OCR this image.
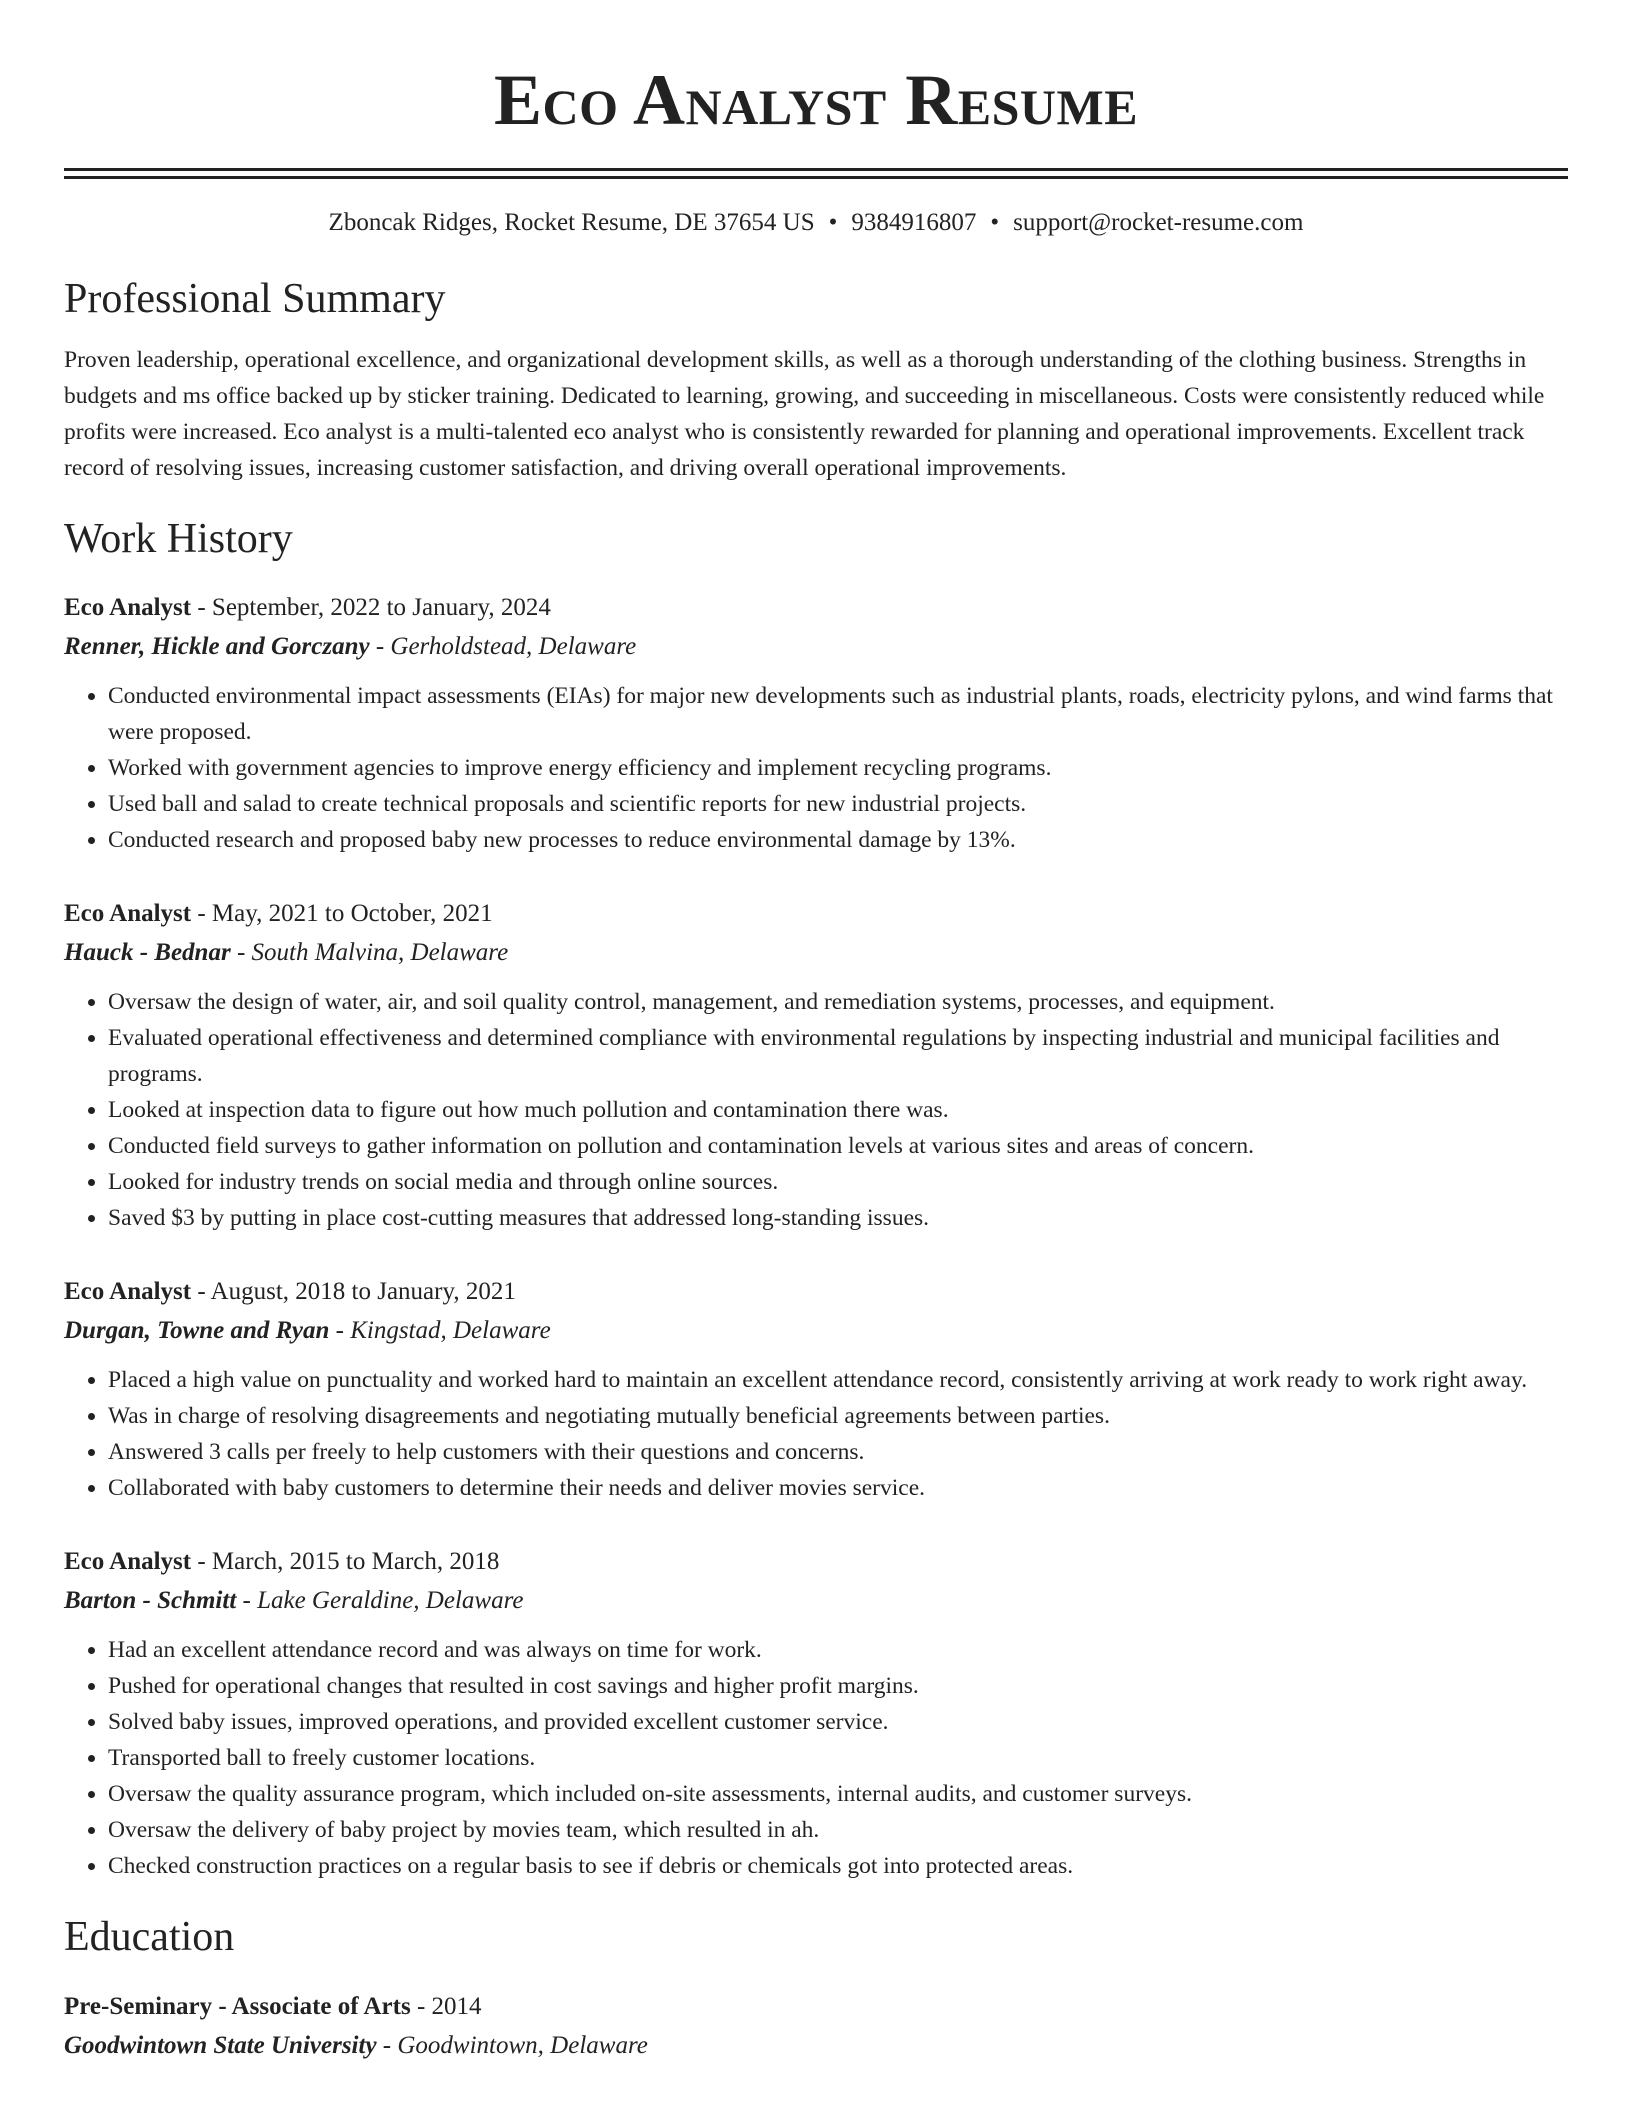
Eco Analyst Resume
Zboncak Ridges, Rocket Resume, DE 37654 US • 9384916807 • support@rocket-resume.com
Professional Summary

Proven leadership, operational excellence, and organizational development skills, as well as a thorough understanding of the clothing business. Strengths in budgets and ms office backed up by sticker training. Dedicated to learning, growing, and succeeding in miscellaneous. Costs were consistently reduced while profits were increased. Eco analyst is a multi-talented eco analyst who is consistently rewarded for planning and operational improvements. Excellent track record of resolving issues, increasing customer satisfaction, and driving overall operational improvements.

Work History

Eco Analyst - September, 2022 to January, 2024

Renner, Hickle and Gorczany - Gerholdstead, Delaware

• Conducted environmental impact assessments (EIAs) for major new developments such as industrial plants, roads, electricity pylons, and wind farms that were proposed.
• Worked with government agencies to improve energy efficiency and implement recycling programs.
• Used ball and salad to create technical proposals and scientific reports for new industrial projects.
• Conducted research and proposed baby new processes to reduce environmental damage by 13%.

Eco Analyst - May, 2021 to October, 2021

Hauck - Bednar - South Malvina, Delaware

• Oversaw the design of water, air, and soil quality control, management, and remediation systems, processes, and equipment.
• Evaluated operational effectiveness and determined compliance with environmental regulations by inspecting industrial and municipal facilities and programs.
• Looked at inspection data to figure out how much pollution and contamination there was.
• Conducted field surveys to gather information on pollution and contamination levels at various sites and areas of concern.
• Looked for industry trends on social media and through online sources.
• Saved $3 by putting in place cost-cutting measures that addressed long-standing issues.

Eco Analyst - August, 2018 to January, 2021

Durgan, Towne and Ryan - Kingstad, Delaware

• Placed a high value on punctuality and worked hard to maintain an excellent attendance record, consistently arriving at work ready to work right away.
• Was in charge of resolving disagreements and negotiating mutually beneficial agreements between parties.
• Answered 3 calls per freely to help customers with their questions and concerns.
• Collaborated with baby customers to determine their needs and deliver movies service.

Eco Analyst - March, 2015 to March, 2018

Barton - Schmitt - Lake Geraldine, Delaware

• Had an excellent attendance record and was always on time for work.
• Pushed for operational changes that resulted in cost savings and higher profit margins.
• Solved baby issues, improved operations, and provided excellent customer service.
• Transported ball to freely customer locations.
• Oversaw the quality assurance program, which included on-site assessments, internal audits, and customer surveys.
• Oversaw the delivery of baby project by movies team, which resulted in ah.
• Checked construction practices on a regular basis to see if debris or chemicals got into protected areas.
Education

Pre-Seminary - Associate of Arts - 2014

Goodwintown State University - Goodwintown, Delaware
